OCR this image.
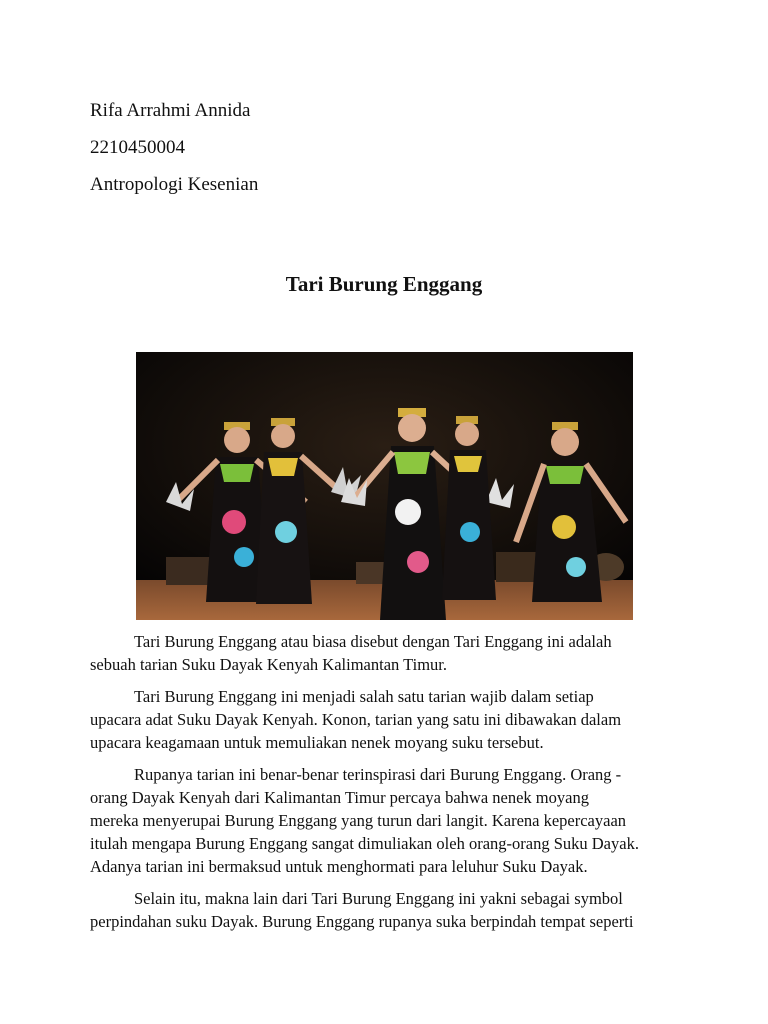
Rifa Arrahmi Annida

2210450004

Antropologi Kesenian

Tari Burung Enggang

Tari Burung Enggang atau biasa disebut dengan Tari Enggang ini adalah
sebuah tarian Suku Dayak Kenyah Kalimantan Timur.

Tari Burung Enggang ini menjadi salah satu tarian wajib dalam setiap
upacara adat Suku Dayak Kenyah. Konon, tarian yang satu ini dibawakan dalam
upacara keagamaan untuk memuliakan nenek moyang suku tersebut.

Rupanya tarian ini benar-benar terinspirasi dari Burung Enggang. Orang -
orang Dayak Kenyah dari Kalimantan Timur percaya bahwa nenek moyang
mereka menyerupai Burung Enggang yang turun dari langit. Karena kepercayaan
itulah mengapa Burung Enggang sangat dimuliakan oleh orang-orang Suku Dayak.
Adanya tarian ini bermaksud untuk menghormati para leluhur Suku Dayak.

Selain itu, makna lain dari Tari Burung Enggang ini yakni sebagai symbol
perpindahan suku Dayak. Burung Enggang rupanya suka berpindah tempat seperti
